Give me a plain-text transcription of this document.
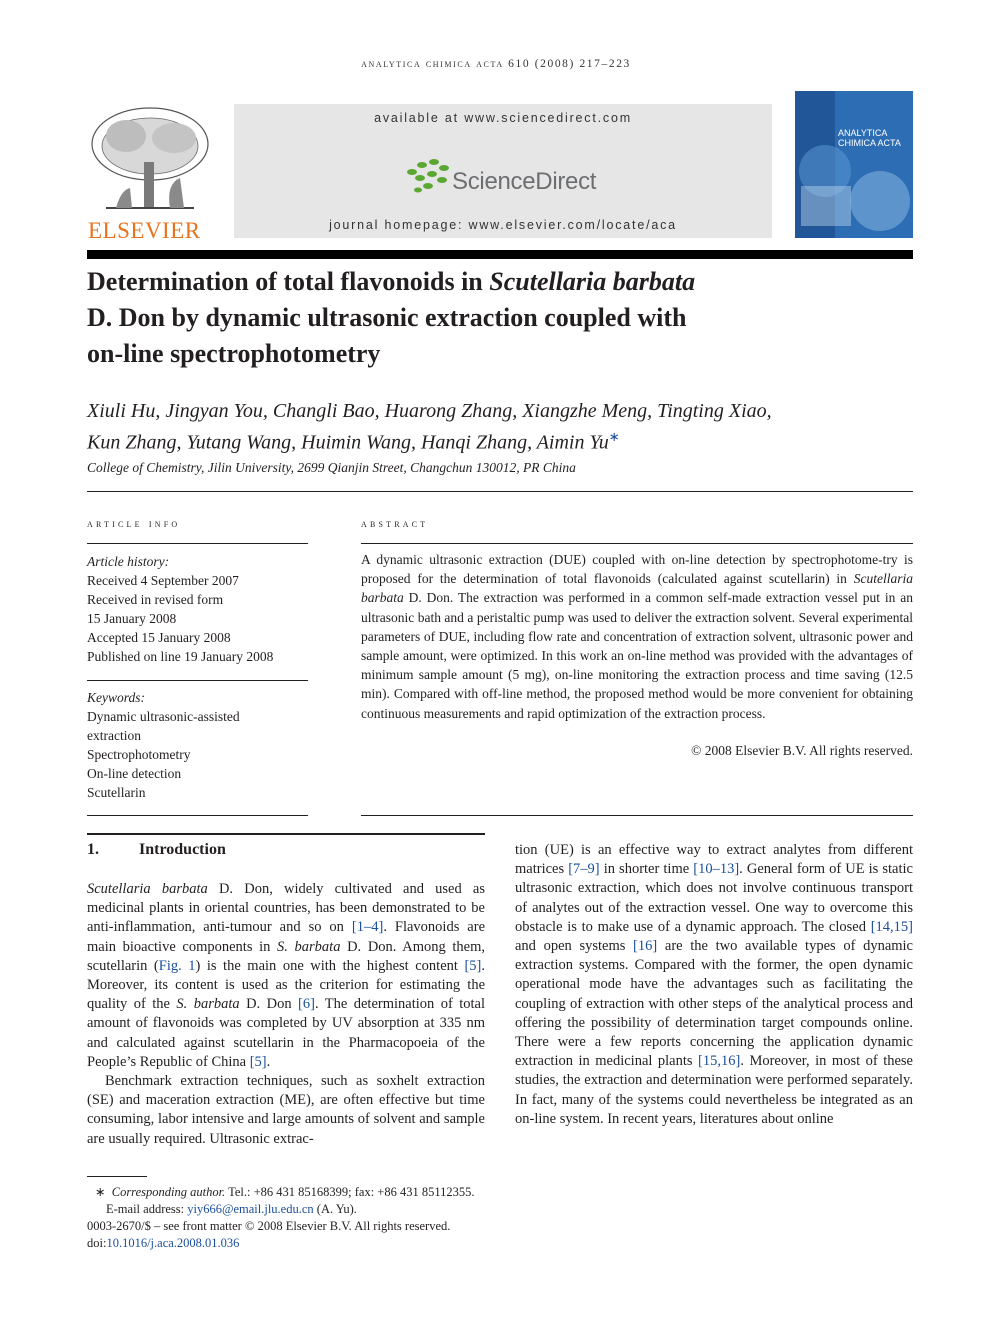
analytica chimica acta 610 (2008) 217–223
ELSEVIER
available at www.sciencedirect.com
ScienceDirect
journal homepage: www.elsevier.com/locate/aca
ANALYTICA
CHIMICA ACTA
Determination of total flavonoids in Scutellaria barbata
D. Don by dynamic ultrasonic extraction coupled with
on-line spectrophotometry
Xiuli Hu, Jingyan You, Changli Bao, Huarong Zhang, Xiangzhe Meng, Tingting Xiao,
Kun Zhang, Yutang Wang, Huimin Wang, Hanqi Zhang, Aimin Yu∗
College of Chemistry, Jilin University, 2699 Qianjin Street, Changchun 130012, PR China
article info
Article history:
Received 4 September 2007
Received in revised form
15 January 2008
Accepted 15 January 2008
Published on line 19 January 2008
Keywords:
Dynamic ultrasonic-assisted
extraction
Spectrophotometry
On-line detection
Scutellarin
abstract
A dynamic ultrasonic extraction (DUE) coupled with on-line detection by spectrophotome-try is proposed for the determination of total flavonoids (calculated against scutellarin) in Scutellaria barbata D. Don. The extraction was performed in a common self-made extraction vessel put in an ultrasonic bath and a peristaltic pump was used to deliver the extraction solvent. Several experimental parameters of DUE, including flow rate and concentration of extraction solvent, ultrasonic power and sample amount, were optimized. In this work an on-line method was provided with the advantages of minimum sample amount (5 mg), on-line monitoring the extraction process and time saving (12.5 min). Compared with off-line method, the proposed method would be more convenient for obtaining continuous measurements and rapid optimization of the extraction process.
© 2008 Elsevier B.V. All rights reserved.
1.	Introduction

Scutellaria barbata D. Don, widely cultivated and used as medicinal plants in oriental countries, has been demonstrated to be anti-inflammation, anti-tumour and so on [1–4]. Flavonoids are main bioactive components in S. barbata D. Don. Among them, scutellarin (Fig. 1) is the main one with the highest content [5]. Moreover, its content is used as the criterion for estimating the quality of the S. barbata D. Don [6]. The determination of total amount of flavonoids was completed by UV absorption at 335 nm and calculated against scutellarin in the Pharmacopoeia of the People’s Republic of China [5].

Benchmark extraction techniques, such as soxhelt extraction (SE) and maceration extraction (ME), are often effective but time consuming, labor intensive and large amounts of solvent and sample are usually required. Ultrasonic extrac-

tion (UE) is an effective way to extract analytes from different matrices [7–9] in shorter time [10–13]. General form of UE is static ultrasonic extraction, which does not involve continuous transport of analytes out of the extraction vessel. One way to overcome this obstacle is to make use of a dynamic approach. The closed [14,15] and open systems [16] are the two available types of dynamic extraction systems. Compared with the former, the open dynamic operational mode have the advantages such as facilitating the coupling of extraction with other steps of the analytical process and offering the possibility of determination target compounds online. There were a few reports concerning the application dynamic extraction in medicinal plants [15,16]. Moreover, in most of these studies, the extraction and determination were performed separately. In fact, many of the systems could nevertheless be integrated as an on-line system. In recent years, literatures about online

∗ Corresponding author. Tel.: +86 431 85168399; fax: +86 431 85112355.
E-mail address: yiy666@email.jlu.edu.cn (A. Yu).
0003-2670/$ – see front matter © 2008 Elsevier B.V. All rights reserved.
doi:10.1016/j.aca.2008.01.036
